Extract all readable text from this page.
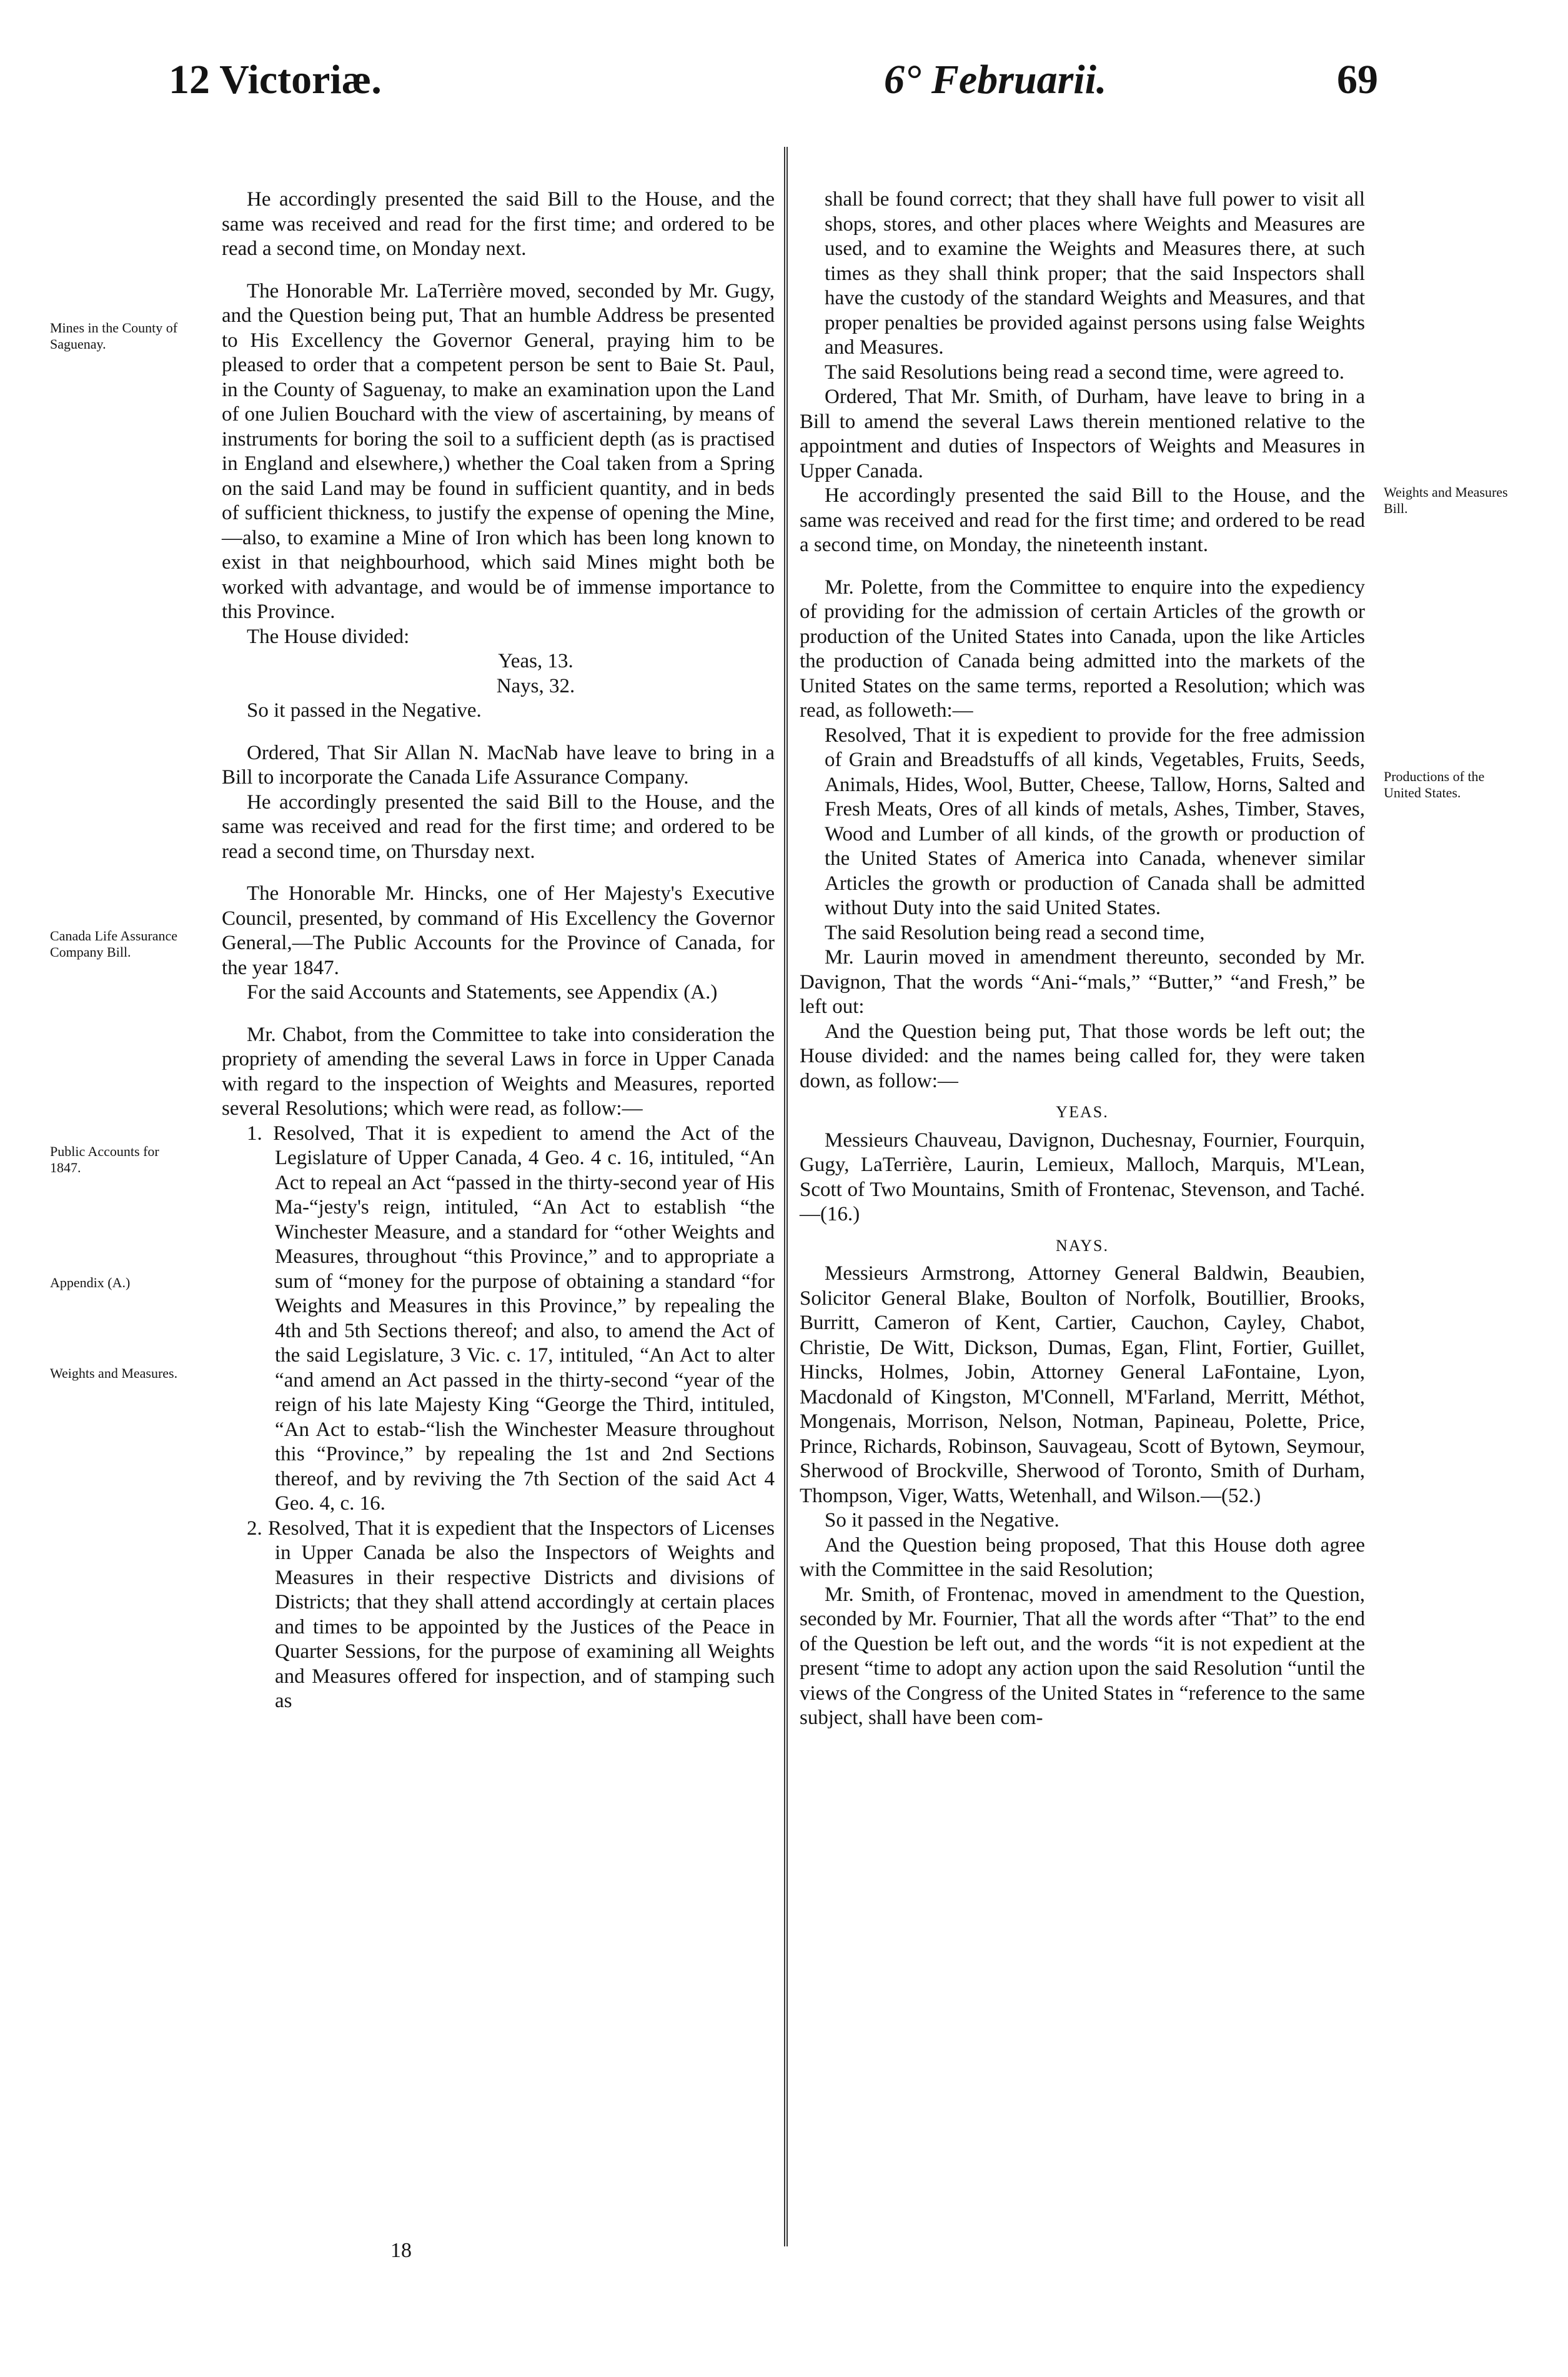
12 Victoriæ.	6° Februarii.	69
Mines in the County of Saguenay.
Canada Life Assurance Company Bill.
Public Accounts for 1847.
Appendix (A.)
Weights and Measures.
Weights and Measures Bill.
Productions of the United States.

He accordingly presented the said Bill to the House, and the same was received and read for the first time; and ordered to be read a second time, on Monday next.

The Honorable Mr. LaTerrière moved, seconded by Mr. Gugy, and the Question being put, That an humble Address be presented to His Excellency the Governor General, praying him to be pleased to order that a competent person be sent to Baie St. Paul, in the County of Saguenay, to make an examination upon the Land of one Julien Bouchard with the view of ascertaining, by means of instruments for boring the soil to a sufficient depth (as is practised in England and elsewhere,) whether the Coal taken from a Spring on the said Land may be found in sufficient quantity, and in beds of sufficient thickness, to justify the expense of opening the Mine,—also, to examine a Mine of Iron which has been long known to exist in that neighbourhood, which said Mines might both be worked with advantage, and would be of immense importance to this Province.

The House divided:

Yeas, 13.

Nays, 32.

So it passed in the Negative.

Ordered, That Sir Allan N. MacNab have leave to bring in a Bill to incorporate the Canada Life Assurance Company.

He accordingly presented the said Bill to the House, and the same was received and read for the first time; and ordered to be read a second time, on Thursday next.

The Honorable Mr. Hincks, one of Her Majesty's Executive Council, presented, by command of His Excellency the Governor General,—The Public Accounts for the Province of Canada, for the year 1847.

For the said Accounts and Statements, see Appendix (A.)

Mr. Chabot, from the Committee to take into consideration the propriety of amending the several Laws in force in Upper Canada with regard to the inspection of Weights and Measures, reported several Resolutions; which were read, as follow:—

1. Resolved, That it is expedient to amend the Act of the Legislature of Upper Canada, 4 Geo. 4 c. 16, intituled, “An Act to repeal an Act “passed in the thirty-second year of His Ma-“jesty's reign, intituled, “An Act to establish “the Winchester Measure, and a standard for “other Weights and Measures, throughout “this Province,” and to appropriate a sum of “money for the purpose of obtaining a standard “for Weights and Measures in this Province,” by repealing the 4th and 5th Sections thereof; and also, to amend the Act of the said Legislature, 3 Vic. c. 17, intituled, “An Act to alter “and amend an Act passed in the thirty-second “year of the reign of his late Majesty King “George the Third, intituled, “An Act to estab-“lish the Winchester Measure throughout this “Province,” by repealing the 1st and 2nd Sections thereof, and by reviving the 7th Section of the said Act 4 Geo. 4, c. 16.

2. Resolved, That it is expedient that the Inspectors of Licenses in Upper Canada be also the Inspectors of Weights and Measures in their respective Districts and divisions of Districts; that they shall attend accordingly at certain places and times to be appointed by the Justices of the Peace in Quarter Sessions, for the purpose of examining all Weights and Measures offered for inspection, and of stamping such as

shall be found correct; that they shall have full power to visit all shops, stores, and other places where Weights and Measures are used, and to examine the Weights and Measures there, at such times as they shall think proper; that the said Inspectors shall have the custody of the standard Weights and Measures, and that proper penalties be provided against persons using false Weights and Measures.

The said Resolutions being read a second time, were agreed to.

Ordered, That Mr. Smith, of Durham, have leave to bring in a Bill to amend the several Laws therein mentioned relative to the appointment and duties of Inspectors of Weights and Measures in Upper Canada.

He accordingly presented the said Bill to the House, and the same was received and read for the first time; and ordered to be read a second time, on Monday, the nineteenth instant.

Mr. Polette, from the Committee to enquire into the expediency of providing for the admission of certain Articles of the growth or production of the United States into Canada, upon the like Articles the production of Canada being admitted into the markets of the United States on the same terms, reported a Resolution; which was read, as followeth:—

Resolved, That it is expedient to provide for the free admission of Grain and Breadstuffs of all kinds, Vegetables, Fruits, Seeds, Animals, Hides, Wool, Butter, Cheese, Tallow, Horns, Salted and Fresh Meats, Ores of all kinds of metals, Ashes, Timber, Staves, Wood and Lumber of all kinds, of the growth or production of the United States of America into Canada, whenever similar Articles the growth or production of Canada shall be admitted without Duty into the said United States.

The said Resolution being read a second time,

Mr. Laurin moved in amendment thereunto, seconded by Mr. Davignon, That the words “Ani-“mals,” “Butter,” “and Fresh,” be left out:

And the Question being put, That those words be left out; the House divided: and the names being called for, they were taken down, as follow:—

YEAS.

Messieurs Chauveau, Davignon, Duchesnay, Fournier, Fourquin, Gugy, LaTerrière, Laurin, Lemieux, Malloch, Marquis, M'Lean, Scott of Two Mountains, Smith of Frontenac, Stevenson, and Taché.—(16.)

NAYS.

Messieurs Armstrong, Attorney General Baldwin, Beaubien, Solicitor General Blake, Boulton of Norfolk, Boutillier, Brooks, Burritt, Cameron of Kent, Cartier, Cauchon, Cayley, Chabot, Christie, De Witt, Dickson, Dumas, Egan, Flint, Fortier, Guillet, Hincks, Holmes, Jobin, Attorney General LaFontaine, Lyon, Macdonald of Kingston, M'Connell, M'Farland, Merritt, Méthot, Mongenais, Morrison, Nelson, Notman, Papineau, Polette, Price, Prince, Richards, Robinson, Sauvageau, Scott of Bytown, Seymour, Sherwood of Brockville, Sherwood of Toronto, Smith of Durham, Thompson, Viger, Watts, Wetenhall, and Wilson.—(52.)

So it passed in the Negative.

And the Question being proposed, That this House doth agree with the Committee in the said Resolution;

Mr. Smith, of Frontenac, moved in amendment to the Question, seconded by Mr. Fournier, That all the words after “That” to the end of the Question be left out, and the words “it is not expedient at the present “time to adopt any action upon the said Resolution “until the views of the Congress of the United States in “reference to the same subject, shall have been com-

18
